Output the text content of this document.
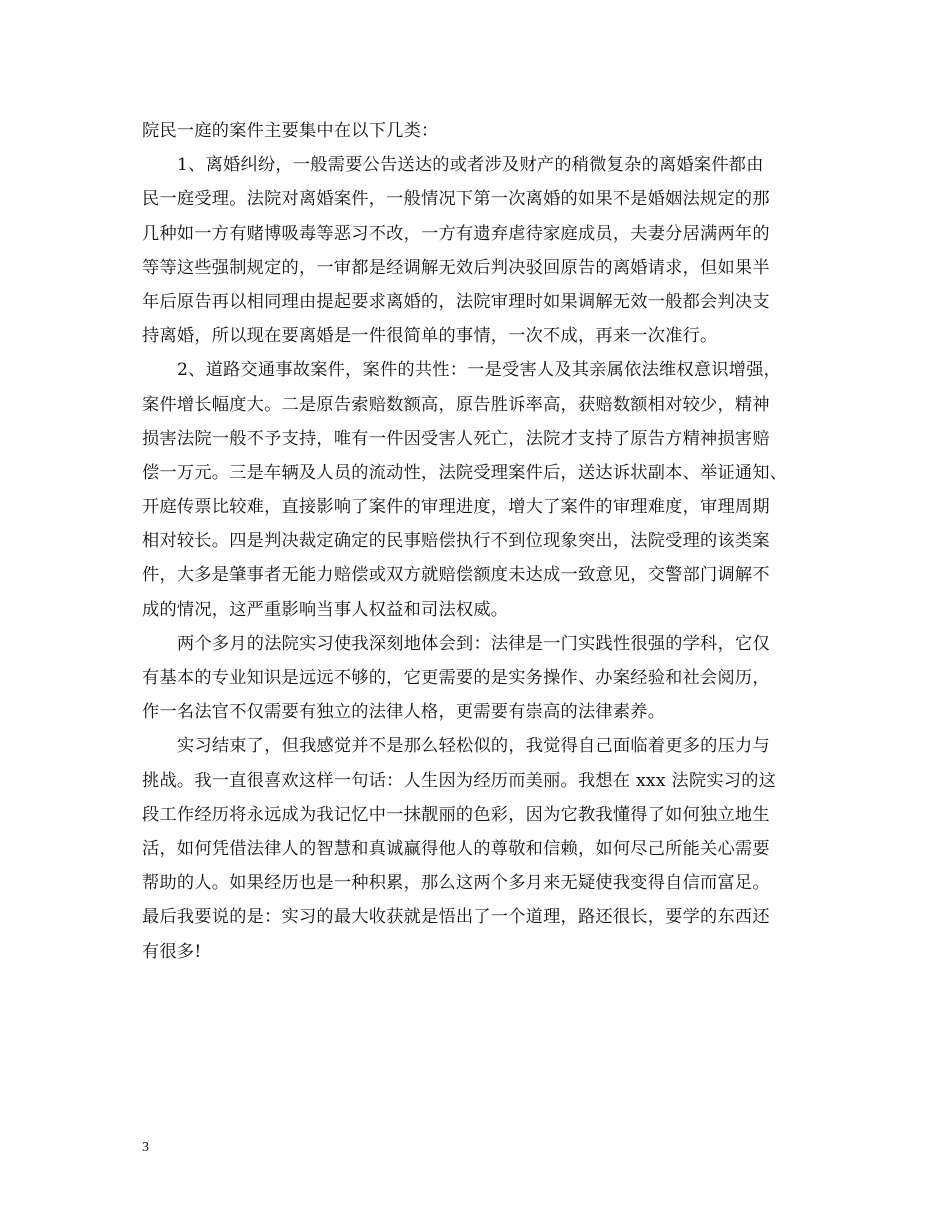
院民一庭的案件主要集中在以下几类：
1、离婚纠纷，一般需要公告送达的或者涉及财产的稍微复杂的离婚案件都由
民一庭受理。法院对离婚案件，一般情况下第一次离婚的如果不是婚姻法规定的那
几种如一方有赌博吸毒等恶习不改，一方有遗弃虐待家庭成员，夫妻分居满两年的
等等这些强制规定的，一审都是经调解无效后判决驳回原告的离婚请求，但如果半
年后原告再以相同理由提起要求离婚的，法院审理时如果调解无效一般都会判决支
持离婚，所以现在要离婚是一件很简单的事情，一次不成，再来一次准行。
2、道路交通事故案件，案件的共性：一是受害人及其亲属依法维权意识增强，
案件增长幅度大。二是原告索赔数额高，原告胜诉率高，获赔数额相对较少，精神
损害法院一般不予支持，唯有一件因受害人死亡，法院才支持了原告方精神损害赔
偿一万元。三是车辆及人员的流动性，法院受理案件后，送达诉状副本、举证通知、
开庭传票比较难，直接影响了案件的审理进度，增大了案件的审理难度，审理周期
相对较长。四是判决裁定确定的民事赔偿执行不到位现象突出，法院受理的该类案
件，大多是肇事者无能力赔偿或双方就赔偿额度未达成一致意见，交警部门调解不
成的情况，这严重影响当事人权益和司法权威。
两个多月的法院实习使我深刻地体会到：法律是一门实践性很强的学科，它仅
有基本的专业知识是远远不够的，它更需要的是实务操作、办案经验和社会阅历，
作一名法官不仅需要有独立的法律人格，更需要有崇高的法律素养。
实习结束了，但我感觉并不是那么轻松似的，我觉得自己面临着更多的压力与
挑战。我一直很喜欢这样一句话：人生因为经历而美丽。我想在 xxx 法院实习的这
段工作经历将永远成为我记忆中一抹靓丽的色彩，因为它教我懂得了如何独立地生
活，如何凭借法律人的智慧和真诚赢得他人的尊敬和信赖，如何尽己所能关心需要
帮助的人。如果经历也是一种积累，那么这两个多月来无疑使我变得自信而富足。
最后我要说的是：实习的最大收获就是悟出了一个道理，路还很长，要学的东西还
有很多!
3
